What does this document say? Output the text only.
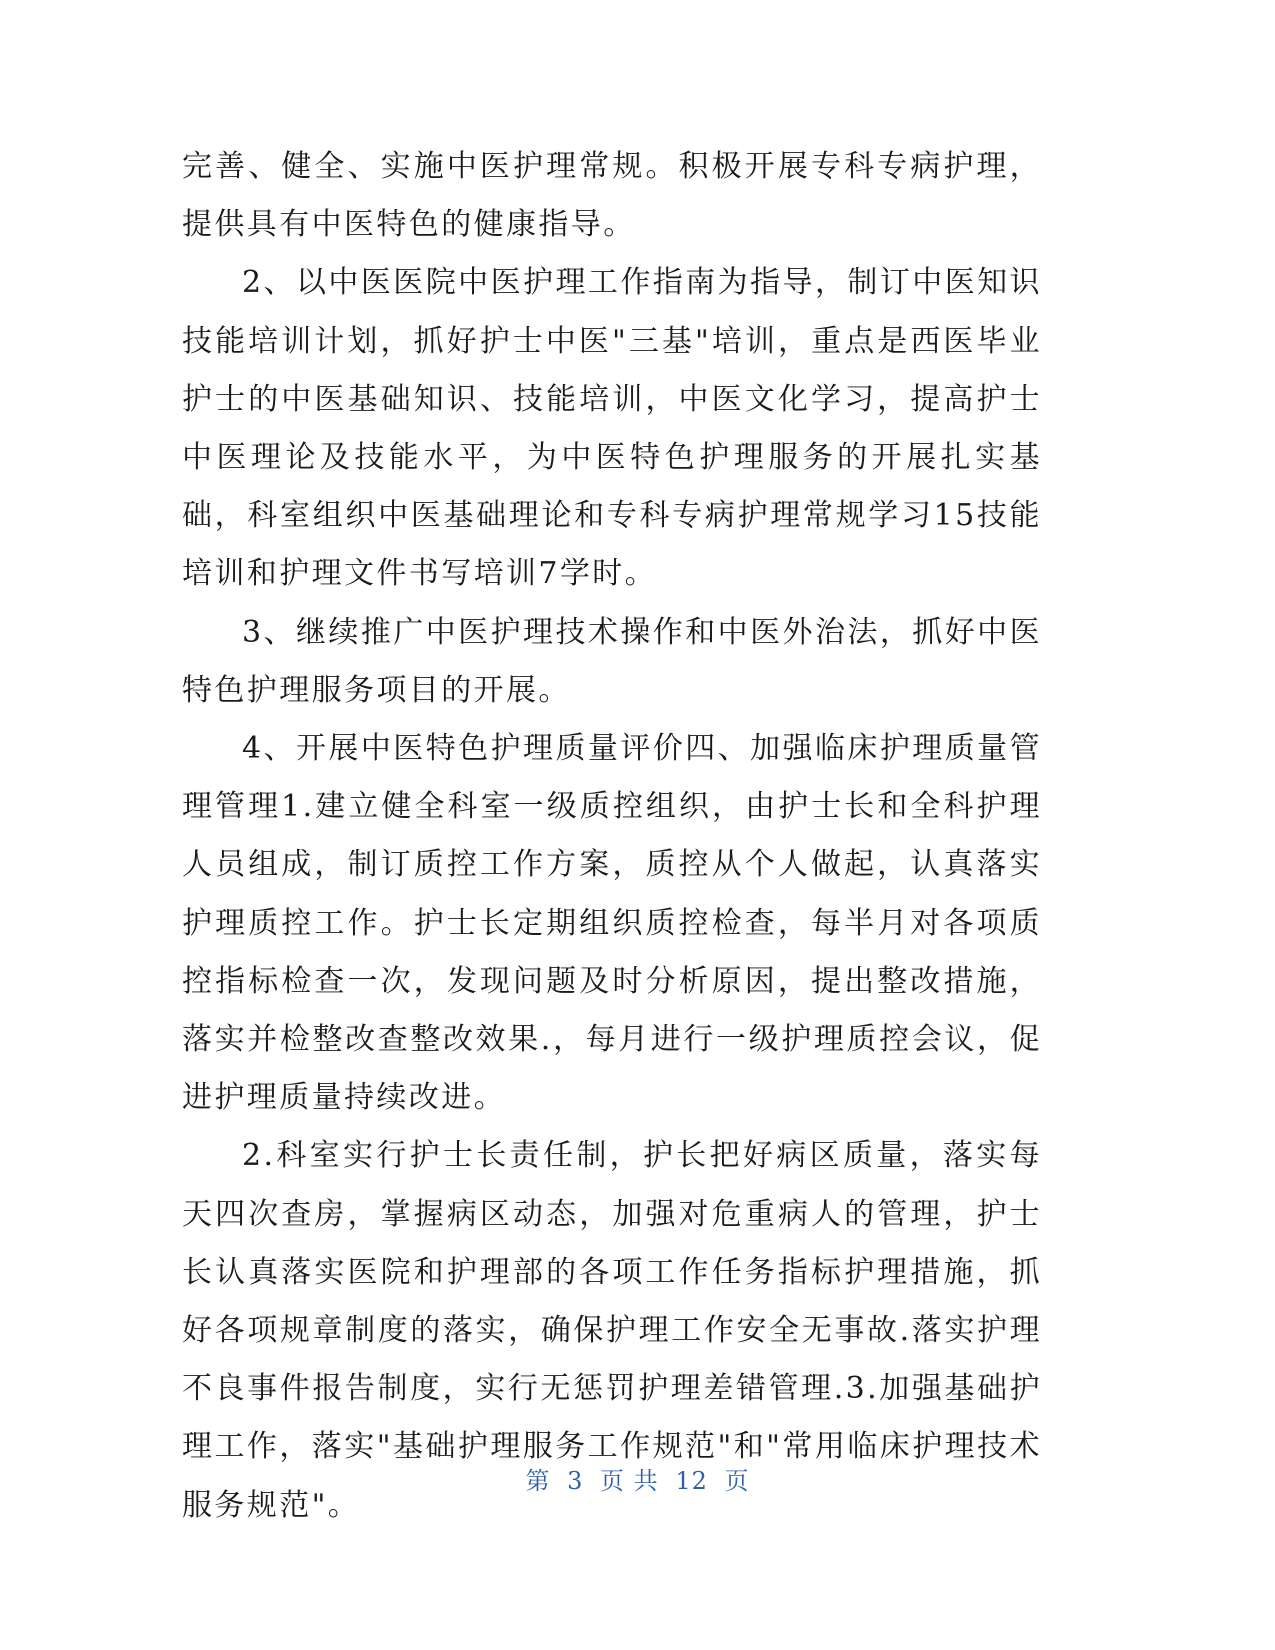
完善、健全、实施中医护理常规。积极开展专科专病护理，提供具有中医特色的健康指导。

2、以中医医院中医护理工作指南为指导，制订中医知识技能培训计划，抓好护士中医"三基"培训，重点是西医毕业护士的中医基础知识、技能培训，中医文化学习，提高护士中医理论及技能水平，为中医特色护理服务的开展扎实基础，科室组织中医基础理论和专科专病护理常规学习15技能培训和护理文件书写培训7学时。

3、继续推广中医护理技术操作和中医外治法，抓好中医特色护理服务项目的开展。

4、开展中医特色护理质量评价四、加强临床护理质量管理管理1.建立健全科室一级质控组织，由护士长和全科护理人员组成，制订质控工作方案，质控从个人做起，认真落实护理质控工作。护士长定期组织质控检查，每半月对各项质控指标检查一次，发现问题及时分析原因，提出整改措施，落实并检整改查整改效果.，每月进行一级护理质控会议，促进护理质量持续改进。

2.科室实行护士长责任制，护长把好病区质量，落实每天四次查房，掌握病区动态，加强对危重病人的管理，护士长认真落实医院和护理部的各项工作任务指标护理措施，抓好各项规章制度的落实，确保护理工作安全无事故.落实护理不良事件报告制度，实行无惩罚护理差错管理.3.加强基础护理工作，落实"基础护理服务工作规范"和"常用临床护理技术服务规范"。

第 3 页 共 12 页
